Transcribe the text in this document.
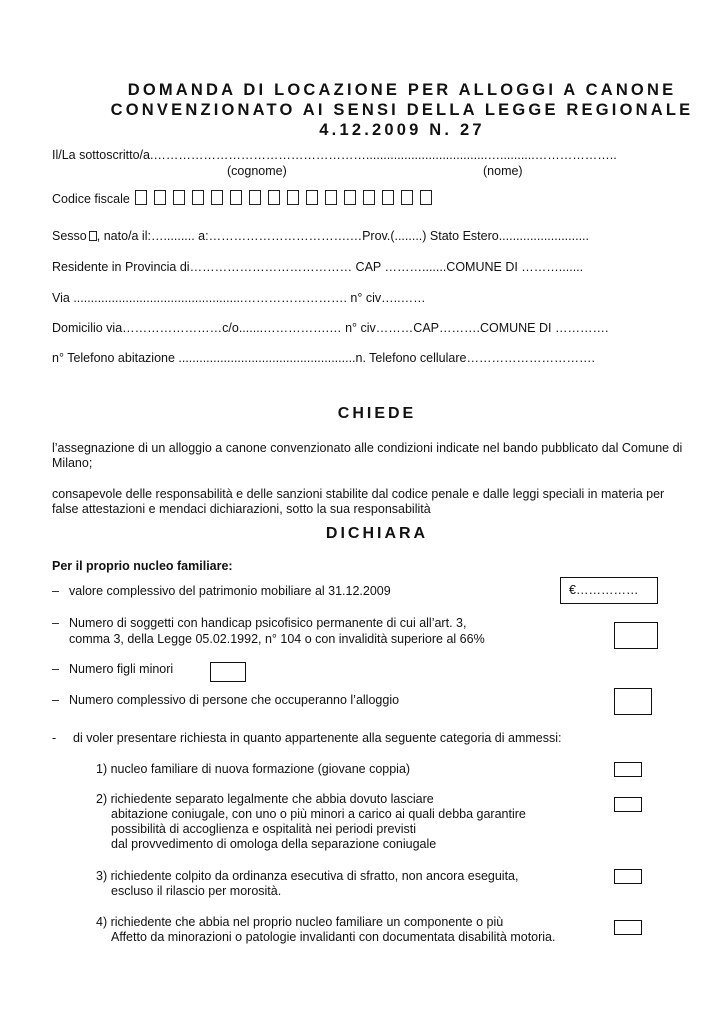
DOMANDA DI LOCAZIONE PER ALLOGGI A CANONE
CONVENZIONATO AI SENSI DELLA LEGGE REGIONALE
4.12.2009 N. 27
Il/La sottoscritto/a.……………………………………………...................................…..........………………..
(cognome)	(nome)
Codice fiscale
Sesso , nato/a il:…......... a:…………………………….…Prov.(........) Stato Estero..........................
Residente in Provincia di………………………………… CAP ……….......COMUNE DI ……….......
Via .................................................……………………. n° civ…..……
Domicilio via……………………c/o.......…………….… n° civ………CAP……….COMUNE DI ………….
n° Telefono abitazione ...................................................n. Telefono cellulare………………………….
CHIEDE
l’assegnazione di un alloggio a canone convenzionato alle condizioni indicate nel bando pubblicato dal Comune di Milano;
consapevole delle responsabilità e delle sanzioni stabilite dal codice penale e dalle leggi speciali in materia per false attestazioni e mendaci dichiarazioni, sotto la sua responsabilità
DICHIARA
Per il proprio nucleo familiare:
– valore complessivo del patrimonio mobiliare al 31.12.2009	€……………
– Numero di soggetti con handicap psicofisico permanente di cui all’art. 3,
comma 3, della Legge 05.02.1992, n° 104 o con invalidità superiore al 66%
– Numero figli minori
– Numero complessivo di persone che occuperanno l’alloggio
- di voler presentare richiesta in quanto appartenente alla seguente categoria di ammessi:
1) nucleo familiare di nuova formazione (giovane coppia)
2) richiedente separato legalmente che abbia dovuto lasciare
abitazione coniugale, con uno o più minori a carico ai quali debba garantire
possibilità di accoglienza e ospitalità nei periodi previsti
dal provvedimento di omologa della separazione coniugale
3) richiedente colpito da ordinanza esecutiva di sfratto, non ancora eseguita,
escluso il rilascio per morosità.
4) richiedente che abbia nel proprio nucleo familiare un componente o più
Affetto da minorazioni o patologie invalidanti con documentata disabilità motoria.
